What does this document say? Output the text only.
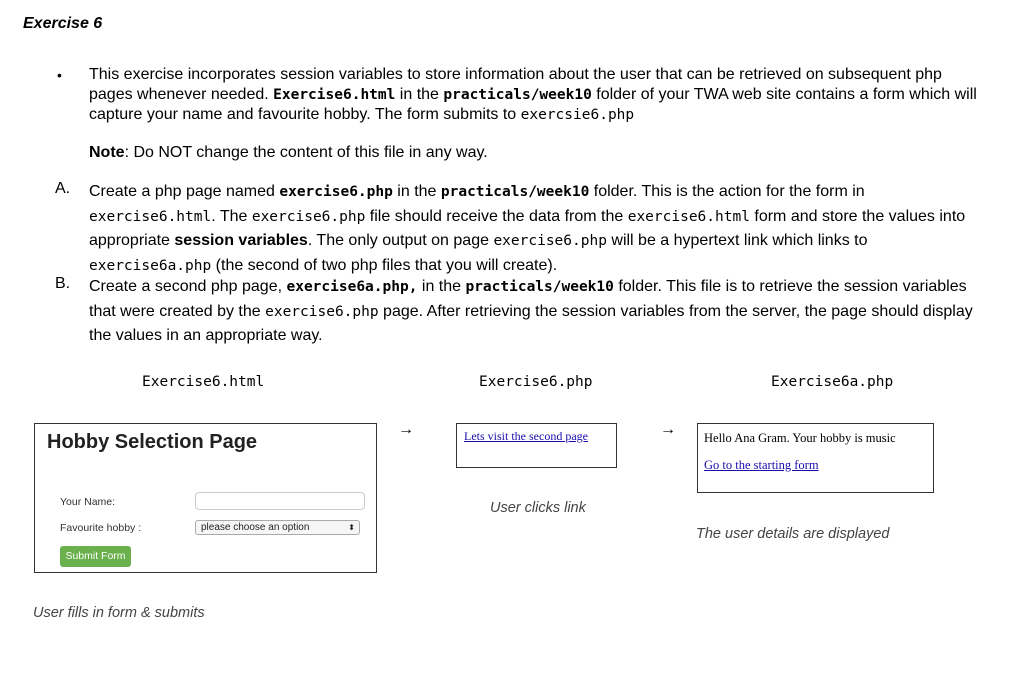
Exercise 6
• This exercise incorporates session variables to store information about the user that can be retrieved on subsequent php pages whenever needed. Exercise6.html in the practicals/week10 folder of your TWA web site contains a form which will capture your name and favourite hobby. The form submits to exercsie6.php
Note: Do NOT change the content of this file in any way.
A. Create a php page named exercise6.php in the practicals/week10 folder. This is the action for the form in exercise6.html. The exercise6.php file should receive the data from the exercise6.html form and store the values into appropriate session variables. The only output on page exercise6.php will be a hypertext link which links to exercise6a.php (the second of two php files that you will create).
B. Create a second php page, exercise6a.php, in the practicals/week10 folder. This file is to retrieve the session variables that were created by the exercise6.php page. After retrieving the session variables from the server, the page should display the values in an appropriate way.
Exercise6.html	Exercise6.php	Exercise6a.php
→	→
Hobby Selection Page
Your Name:
Favourite hobby :	please choose an option	⬍
Submit Form
Lets visit the second page	Hello Ana Gram. Your hobby is music
Go to the starting form
User fills in form & submits
User clicks link
The user details are displayed
